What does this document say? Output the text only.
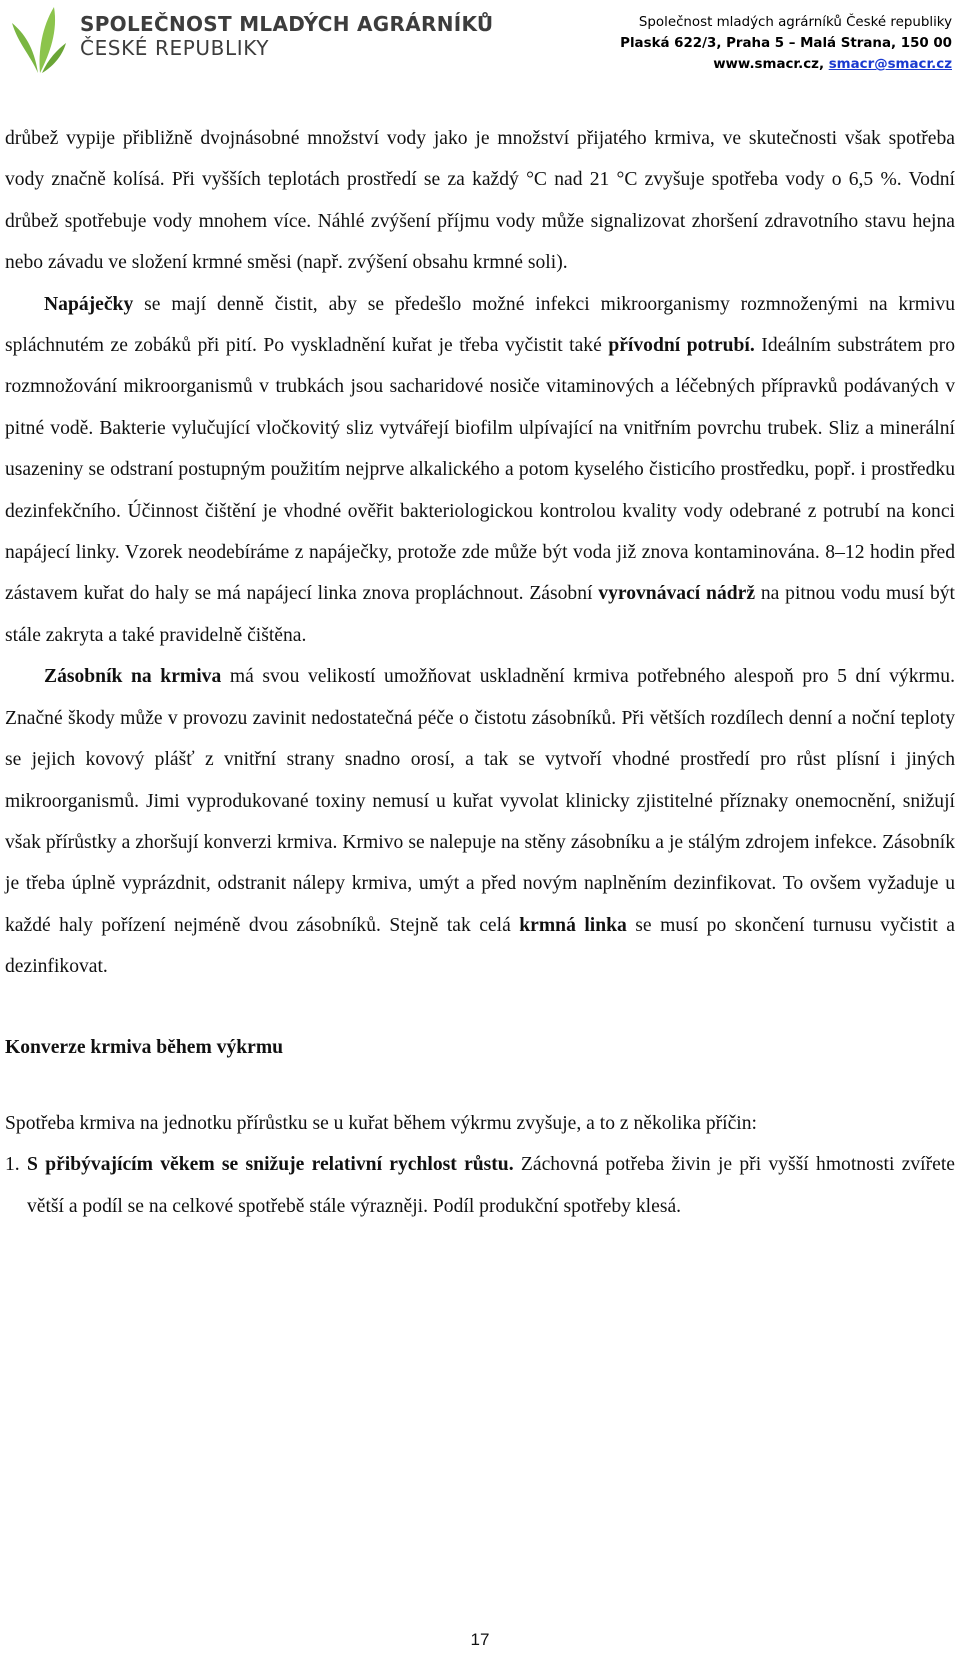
SPOLEČNOST MLADÝCH AGRÁRNÍKŮ
ČESKÉ REPUBLIKY
Společnost mladých agrárníků České republiky
Plaská 622/3, Praha 5 – Malá Strana, 150 00
www.smacr.cz, smacr@smacr.cz

drůbež vypije přibližně dvojnásobné množství vody jako je množství přijatého krmiva, ve skutečnosti však spotřeba vody značně kolísá. Při vyšších teplotách prostředí se za každý °C nad 21 °C zvyšuje spotřeba vody o 6,5 %. Vodní drůbež spotřebuje vody mnohem více. Náhlé zvýšení příjmu vody může signalizovat zhoršení zdravotního stavu hejna nebo závadu ve složení krmné směsi (např. zvýšení obsahu krmné soli).

Napáječky se mají denně čistit, aby se předešlo možné infekci mikroorganismy rozmnoženými na krmivu spláchnutém ze zobáků při pití. Po vyskladnění kuřat je třeba vyčistit také přívodní potrubí. Ideálním substrátem pro rozmnožování mikroorganismů v trubkách jsou sacharidové nosiče vitaminových a léčebných přípravků podávaných v pitné vodě. Bakterie vylučující vločkovitý sliz vytvářejí biofilm ulpívající na vnitřním povrchu trubek. Sliz a minerální usazeniny se odstraní postupným použitím nejprve alkalického a potom kyselého čisticího prostředku, popř. i prostředku dezinfekčního. Účinnost čištění je vhodné ověřit bakteriologickou kontrolou kvality vody odebrané z potrubí na konci napájecí linky. Vzorek neodebíráme z napáječky, protože zde může být voda již znova kontaminována. 8–12 hodin před zástavem kuřat do haly se má napájecí linka znova propláchnout. Zásobní vyrovnávací nádrž na pitnou vodu musí být stále zakryta a také pravidelně čištěna.

Zásobník na krmiva má svou velikostí umožňovat uskladnění krmiva potřebného alespoň pro 5 dní výkrmu. Značné škody může v provozu zavinit nedostatečná péče o čistotu zásobníků. Při větších rozdílech denní a noční teploty se jejich kovový plášť z vnitřní strany snadno orosí, a tak se vytvoří vhodné prostředí pro růst plísní i jiných mikroorganismů. Jimi vyprodukované toxiny nemusí u kuřat vyvolat klinicky zjistitelné příznaky onemocnění, snižují však přírůstky a zhoršují konverzi krmiva. Krmivo se nalepuje na stěny zásobníku a je stálým zdrojem infekce. Zásobník je třeba úplně vyprázdnit, odstranit nálepy krmiva, umýt a před novým naplněním dezinfikovat. To ovšem vyžaduje u každé haly pořízení nejméně dvou zásobníků. Stejně tak celá krmná linka se musí po skončení turnusu vyčistit a dezinfikovat.

Konverze krmiva během výkrmu

Spotřeba krmiva na jednotku přírůstku se u kuřat během výkrmu zvyšuje, a to z několika příčin:

1. S přibývajícím věkem se snižuje relativní rychlost růstu. Záchovná potřeba živin je při vyšší hmotnosti zvířete větší a podíl se na celkové spotřebě stále výrazněji. Podíl produkční spotřeby klesá.
17
